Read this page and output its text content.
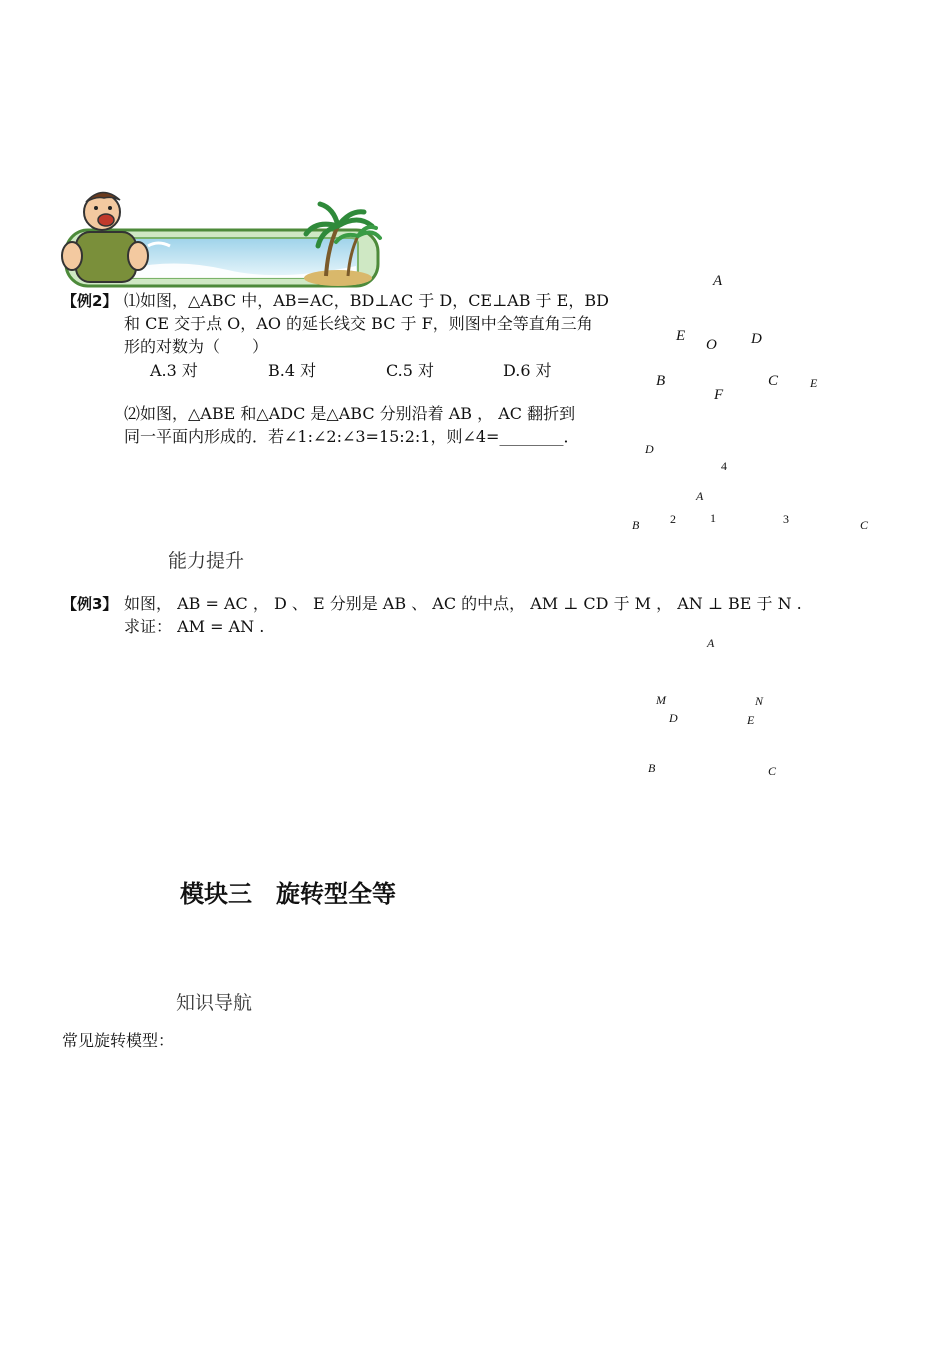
【例2】 ⑴如图，△ABC 中，AB=AC，BD⊥AC 于 D，CE⊥AB 于 E，BD
和 CE 交于点 O，AO 的延长线交 BC 于 F，则图中全等直角三角
形的对数为（　　）
A.3 对	B.4 对	C.5 对	D.6 对
⑵如图，△ABE 和△ADC 是△ABC 分别沿着 AB ， AC 翻折到
同一平面内形成的．若∠1:∠2:∠3=15:2:1，则∠4=________．
A
E
O D
B	C
F
E
D
4
A
B	2	1	3	C
能力提升
【例3】 如图， AB = AC ， D 、 E 分别是 AB 、 AC 的中点， AM ⊥ CD 于 M ， AN ⊥ BE 于 N .
求证： AM = AN .
A
M	N
D	E
B	C
模块三　旋转型全等
知识导航
常见旋转模型：
